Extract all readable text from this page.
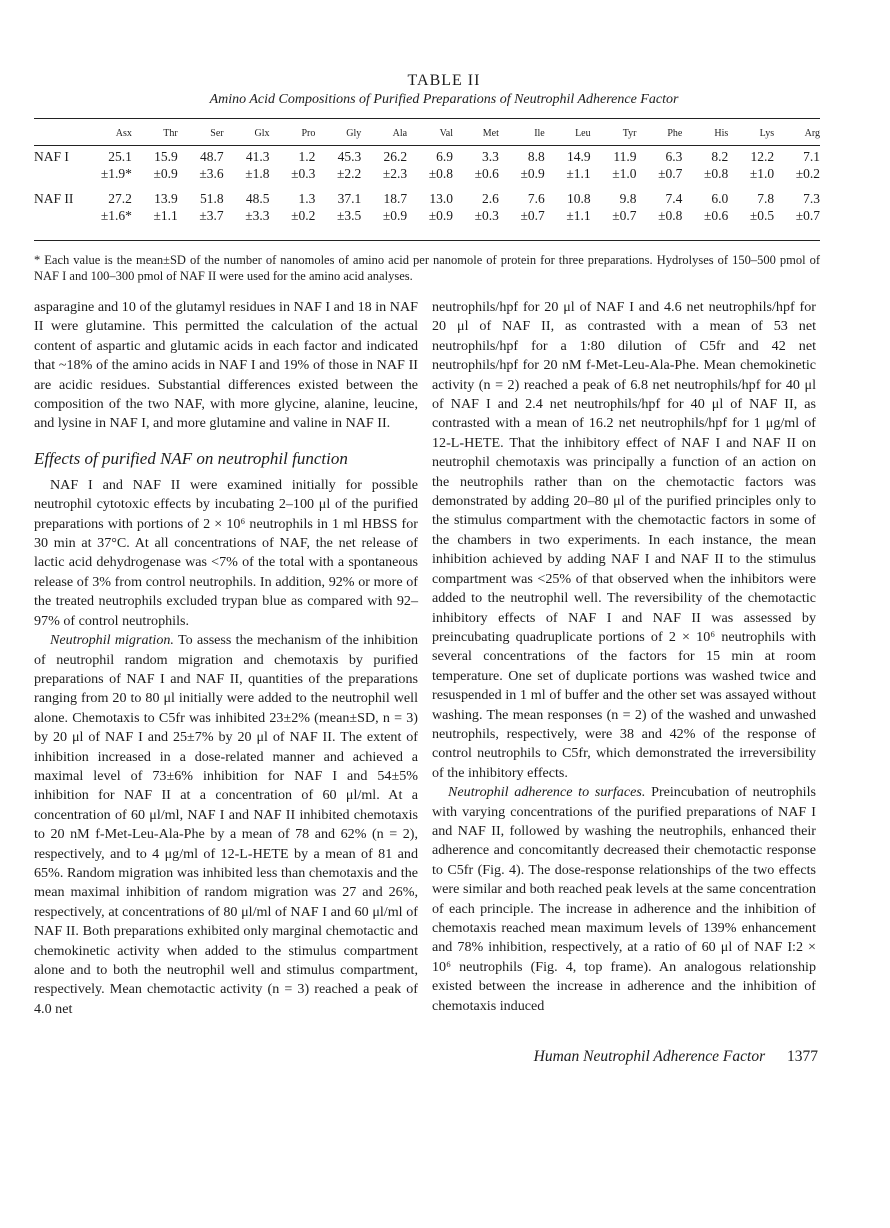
TABLE II
Amino Acid Compositions of Purified Preparations of Neutrophil Adherence Factor
	Asx	Thr	Ser	Glx	Pro	Gly	Ala	Val	Met	Ile	Leu	Tyr	Phe	His	Lys	Arg
NAF I	25.1	15.9	48.7	41.3	1.2	45.3	26.2	6.9	3.3	8.8	14.9	11.9	6.3	8.2	12.2	7.1
	±1.9*	±0.9	±3.6	±1.8	±0.3	±2.2	±2.3	±0.8	±0.6	±0.9	±1.1	±1.0	±0.7	±0.8	±1.0	±0.2

NAF II	27.2	13.9	51.8	48.5	1.3	37.1	18.7	13.0	2.6	7.6	10.8	9.8	7.4	6.0	7.8	7.3
	±1.6*	±1.1	±3.7	±3.3	±0.2	±3.5	±0.9	±0.9	±0.3	±0.7	±1.1	±0.7	±0.8	±0.6	±0.5	±0.7
* Each value is the mean±SD of the number of nanomoles of amino acid per nanomole of protein for three preparations. Hydrolyses of 150–500 pmol of NAF I and 100–300 pmol of NAF II were used for the amino acid analyses.

asparagine and 10 of the glutamyl residues in NAF I and 18 in NAF II were glutamine. This permitted the calculation of the actual content of aspartic and glutamic acids in each factor and indicated that ~18% of the amino acids in NAF I and 19% of those in NAF II are acidic residues. Substantial differences existed between the composition of the two NAF, with more glycine, alanine, leucine, and lysine in NAF I, and more glutamine and valine in NAF II.

Effects of purified NAF on neutrophil function

NAF I and NAF II were examined initially for possible neutrophil cytotoxic effects by incubating 2–100 μl of the purified preparations with portions of 2 × 10⁶ neutrophils in 1 ml HBSS for 30 min at 37°C. At all concentrations of NAF, the net release of lactic acid dehydrogenase was <7% of the total with a spontaneous release of 3% from control neutrophils. In addition, 92% or more of the treated neutrophils excluded trypan blue as compared with 92–97% of control neutrophils.

Neutrophil migration. To assess the mechanism of the inhibition of neutrophil random migration and chemotaxis by purified preparations of NAF I and NAF II, quantities of the preparations ranging from 20 to 80 μl initially were added to the neutrophil well alone. Chemotaxis to C5fr was inhibited 23±2% (mean±SD, n = 3) by 20 μl of NAF I and 25±7% by 20 μl of NAF II. The extent of inhibition increased in a dose-related manner and achieved a maximal level of 73±6% inhibition for NAF I and 54±5% inhibition for NAF II at a concentration of 60 μl/ml. At a concentration of 60 μl/ml, NAF I and NAF II inhibited chemotaxis to 20 nM f-Met-Leu-Ala-Phe by a mean of 78 and 62% (n = 2), respectively, and to 4 μg/ml of 12-L-HETE by a mean of 81 and 65%. Random migration was inhibited less than chemotaxis and the mean maximal inhibition of random migration was 27 and 26%, respectively, at concentrations of 80 μl/ml of NAF I and 60 μl/ml of NAF II. Both preparations exhibited only marginal chemotactic and chemokinetic activity when added to the stimulus compartment alone and to both the neutrophil well and stimulus compartment, respectively. Mean chemotactic activity (n = 3) reached a peak of 4.0 net

neutrophils/hpf for 20 μl of NAF I and 4.6 net neutrophils/hpf for 20 μl of NAF II, as contrasted with a mean of 53 net neutrophils/hpf for a 1:80 dilution of C5fr and 42 net neutrophils/hpf for 20 nM f-Met-Leu-Ala-Phe. Mean chemokinetic activity (n = 2) reached a peak of 6.8 net neutrophils/hpf for 40 μl of NAF I and 2.4 net neutrophils/hpf for 40 μl of NAF II, as contrasted with a mean of 16.2 net neutrophils/hpf for 1 μg/ml of 12-L-HETE. That the inhibitory effect of NAF I and NAF II on neutrophil chemotaxis was principally a function of an action on the neutrophils rather than on the chemotactic factors was demonstrated by adding 20–80 μl of the purified principles only to the stimulus compartment with the chemotactic factors in some of the chambers in two experiments. In each instance, the mean inhibition achieved by adding NAF I and NAF II to the stimulus compartment was <25% of that observed when the inhibitors were added to the neutrophil well. The reversibility of the chemotactic inhibitory effects of NAF I and NAF II was assessed by preincubating quadruplicate portions of 2 × 10⁶ neutrophils with several concentrations of the factors for 15 min at room temperature. One set of duplicate portions was washed twice and resuspended in 1 ml of buffer and the other set was assayed without washing. The mean responses (n = 2) of the washed and unwashed neutrophils, respectively, were 38 and 42% of the response of control neutrophils to C5fr, which demonstrated the irreversibility of the inhibitory effects.

Neutrophil adherence to surfaces. Preincubation of neutrophils with varying concentrations of the purified preparations of NAF I and NAF II, followed by washing the neutrophils, enhanced their adherence and concomitantly decreased their chemotactic response to C5fr (Fig. 4). The dose-response relationships of the two effects were similar and both reached peak levels at the same concentration of each principle. The increase in adherence and the inhibition of chemotaxis reached mean maximum levels of 139% enhancement and 78% inhibition, respectively, at a ratio of 60 μl of NAF I:2 × 10⁶ neutrophils (Fig. 4, top frame). An analogous relationship existed between the increase in adherence and the inhibition of chemotaxis induced

Human Neutrophil Adherence Factor 1377
